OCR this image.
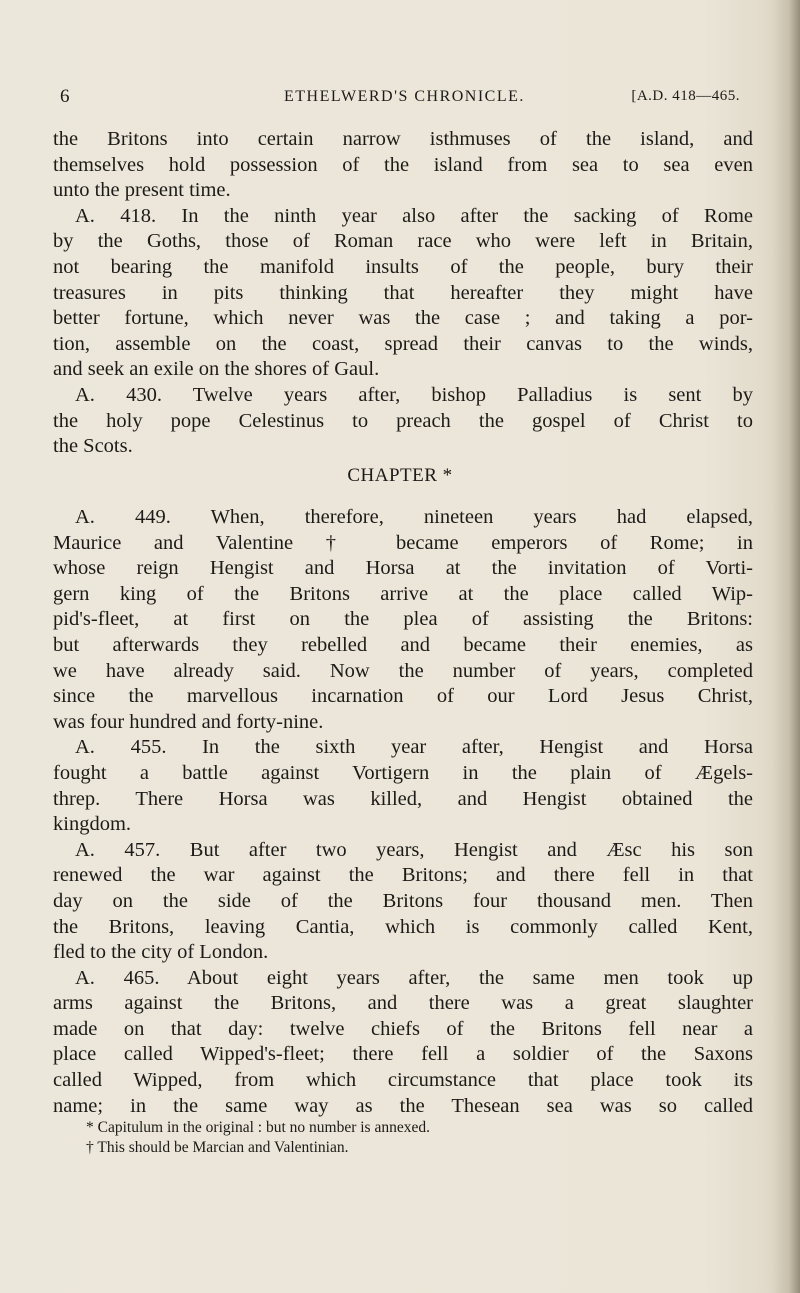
6	ETHELWERD'S CHRONICLE.	[A.D. 418—465.
the Britons into certain narrow isthmuses of the island, and
themselves hold possession of the island from sea to sea even
unto the present time.
A. 418. In the ninth year also after the sacking of Rome
by the Goths, those of Roman race who were left in Britain,
not bearing the manifold insults of the people, bury their
treasures in pits thinking that hereafter they might have
better fortune, which never was the case ; and taking a por-
tion, assemble on the coast, spread their canvas to the winds,
and seek an exile on the shores of Gaul.
A. 430. Twelve years after, bishop Palladius is sent by
the holy pope Celestinus to preach the gospel of Christ to
the Scots.
CHAPTER *
A. 449. When, therefore, nineteen years had elapsed,
Maurice and Valentine † became emperors of Rome; in
whose reign Hengist and Horsa at the invitation of Vorti-
gern king of the Britons arrive at the place called Wip-
pid's-fleet, at first on the plea of assisting the Britons:
but afterwards they rebelled and became their enemies, as
we have already said. Now the number of years, completed
since the marvellous incarnation of our Lord Jesus Christ,
was four hundred and forty-nine.
A. 455. In the sixth year after, Hengist and Horsa
fought a battle against Vortigern in the plain of Ægels-
threp. There Horsa was killed, and Hengist obtained the
kingdom.
A. 457. But after two years, Hengist and Æsc his son
renewed the war against the Britons; and there fell in that
day on the side of the Britons four thousand men. Then
the Britons, leaving Cantia, which is commonly called Kent,
fled to the city of London.
A. 465. About eight years after, the same men took up
arms against the Britons, and there was a great slaughter
made on that day: twelve chiefs of the Britons fell near a
place called Wipped's-fleet; there fell a soldier of the Saxons
called Wipped, from which circumstance that place took its
name; in the same way as the Thesean sea was so called
* Capitulum in the original : but no number is annexed.
† This should be Marcian and Valentinian.
